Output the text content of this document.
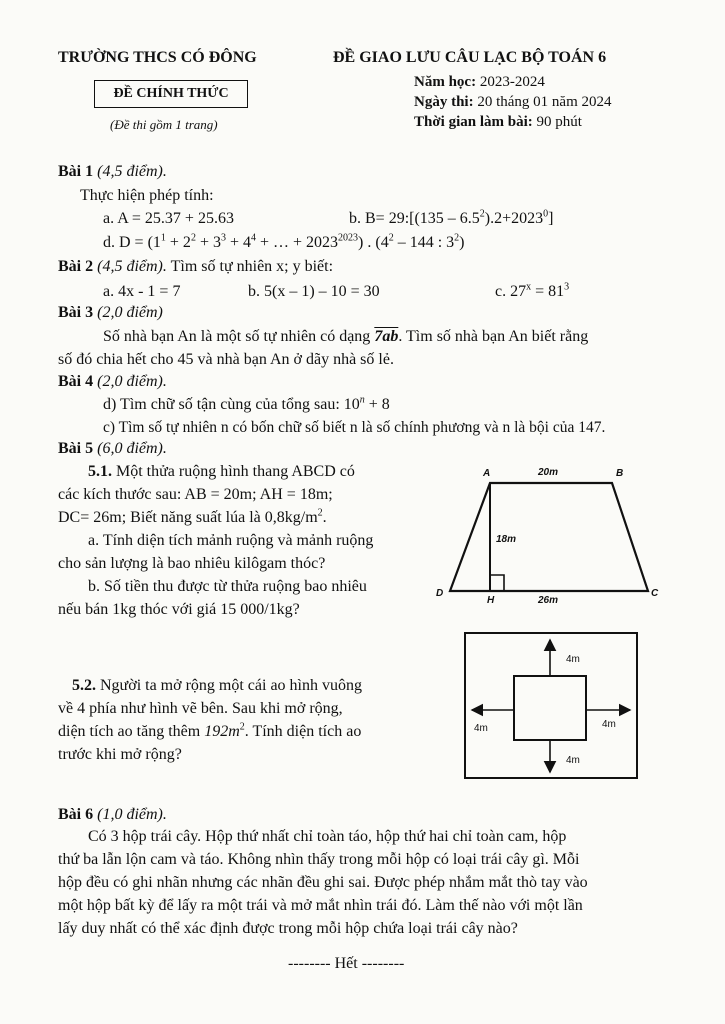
TRƯỜNG THCS CÓ ĐÔNG	ĐỀ GIAO LƯU CÂU LẠC BỘ TOÁN 6
ĐỀ CHÍNH THỨC
(Đề thi gồm 1 trang)
Năm học: 2023-2024
Ngày thi: 20 tháng 01 năm 2024
Thời gian làm bài: 90 phút
Bài 1 (4,5 điểm).
Thực hiện phép tính:
a. A = 25.37 + 25.63	b. B= 29:[(135 – $6.5^2).2+2023^0$]
d. $D = (1^1 + 2^2 + 3^3 + 4^4$ + … + $2023^{2023}$) . ($4^2 - 144$ : $3^2$)
Bài 2 (4,5 điểm). Tìm số tự nhiên x; y biết:
a. 4x - 1 = 7	b. 5(x – 1) – 10 = 30	c. $27^x = 81^3$
Bài 3 (2,0 điểm)
Số nhà bạn An là một số tự nhiên có dạng 7ab. Tìm số nhà bạn An biết rằng
số đó chia hết cho 45 và nhà bạn An ở dãy nhà số lẻ.
Bài 4 (2,0 điểm).
d) Tìm chữ số tận cùng của tổng sau: $10^n + 8$
c) Tìm số tự nhiên n có bốn chữ số biết n là số chính phương và n là bội của 147.
Bài 5 (6,0 điểm).
5.1. Một thửa ruộng hình thang ABCD có
các kích thước sau: AB = 20m; AH = 18m;
DC= 26m; Biết năng suất lúa là $0,8kg/m^2$.
a. Tính diện tích mảnh ruộng và mảnh ruộng
cho sản lượng là bao nhiêu kilôgam thóc?
b. Số tiền thu được từ thửa ruộng bao nhiêu
nếu bán 1kg thóc với giá 15 000/1kg?
A	B
C
D
H
20m
18m
26m
5.2. Người ta mở rộng một cái ao hình vuông
về 4 phía như hình vẽ bên. Sau khi mở rộng,
diện tích ao tăng thêm $192m^2$. Tính diện tích ao
trước khi mở rộng?
4m
4m	4m
4m
Bài 6 (1,0 điểm).
Có 3 hộp trái cây. Hộp thứ nhất chỉ toàn táo, hộp thứ hai chỉ toàn cam, hộp
thứ ba lẫn lộn cam và táo. Không nhìn thấy trong mỗi hộp có loại trái cây gì. Mỗi
hộp đều có ghi nhãn nhưng các nhãn đều ghi sai. Được phép nhắm mắt thò tay vào
một hộp bất kỳ để lấy ra một trái và mở mắt nhìn trái đó. Làm thế nào với một lần
lấy duy nhất có thể xác định được trong mỗi hộp chứa loại trái cây nào?
-------- Hết --------
